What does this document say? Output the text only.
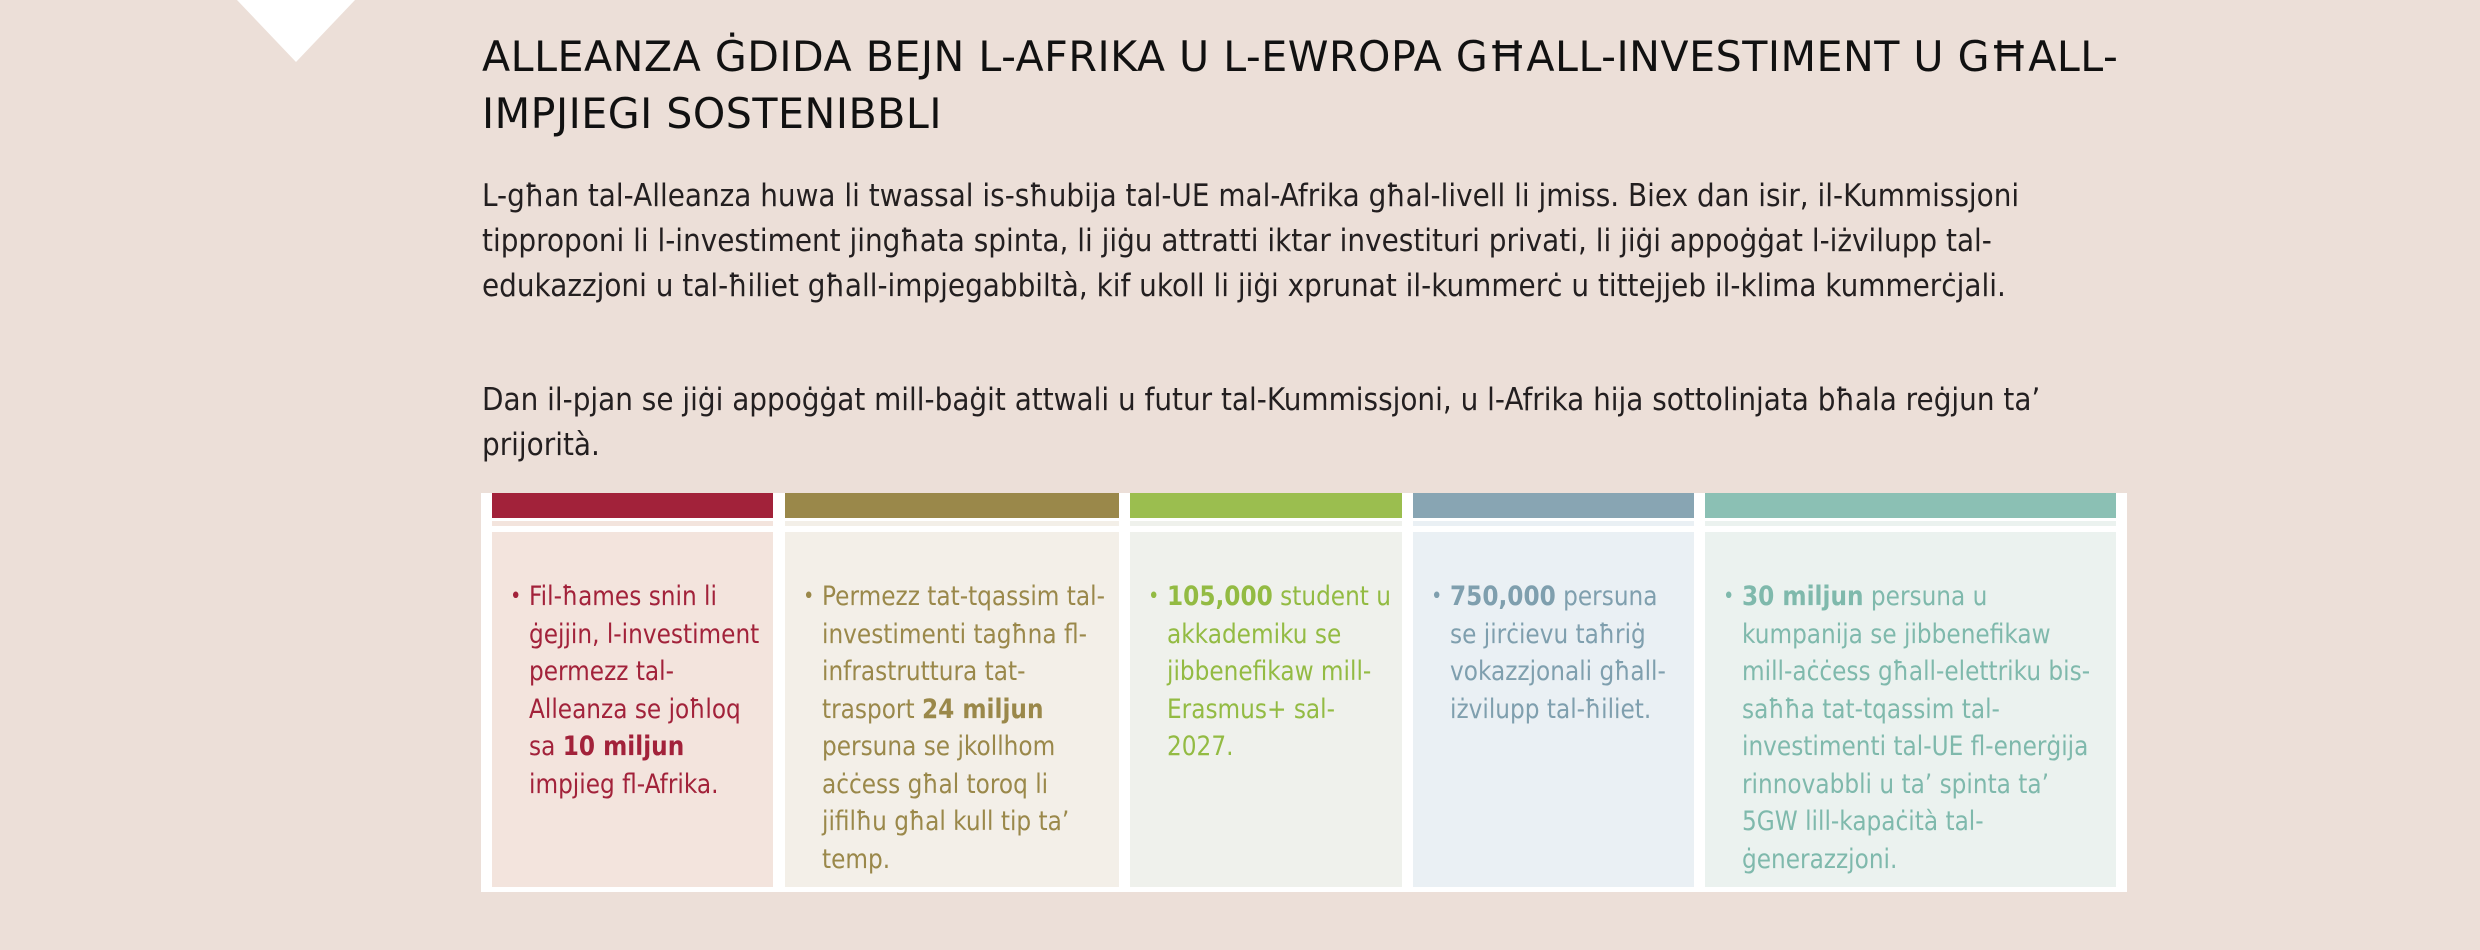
ALLEANZA ĠDIDA BEJN L-AFRIKA U L-EWROPA GĦALL-INVESTIMENT U GĦALL-IMPJIEGI SOSTENIBBLI

L-għan tal-Alleanza huwa li twassal is-sħubija tal-UE mal-Afrika għal-livell li jmiss. Biex dan isir, il-Kummissjoni tipproponi li l-investiment jingħata spinta, li jiġu attratti iktar investituri privati, li jiġi appoġġat l-iżvilupp tal-edukazzjoni u tal-ħiliet għall-impjegabbiltà, kif ukoll li jiġi xprunat il-kummerċ u tittejjeb il-klima kummerċjali.

Dan il-pjan se jiġi appoġġat mill-baġit attwali u futur tal-Kummissjoni, u l-Afrika hija sottolinjata bħala reġjun ta’ prijorità.

• Fil-ħames snin li ġejjin, l-investiment permezz tal-Alleanza se joħloq sa 10 miljun impjieg fl-Afrika.
• Permezz tat-tqassim tal-investimenti tagħna fl-infrastruttura tat-trasport 24 miljun persuna se jkollhom aċċess għal toroq li jifilħu għal kull tip ta’ temp.
• 105,000 student u akkademiku se jibbenefikaw mill-Erasmus+ sal-2027.
• 750,000 persuna se jirċievu taħriġ vokazzjonali għall-iżvilupp tal-ħiliet.
• 30 miljun persuna u kumpanija se jibbenefikaw mill-aċċess għall-elettriku bis-saħħa tat-tqassim tal-investimenti tal-UE fl-enerġija rinnovabbli u ta’ spinta ta’ 5GW lill-kapaċità tal-ġenerazzjoni.
